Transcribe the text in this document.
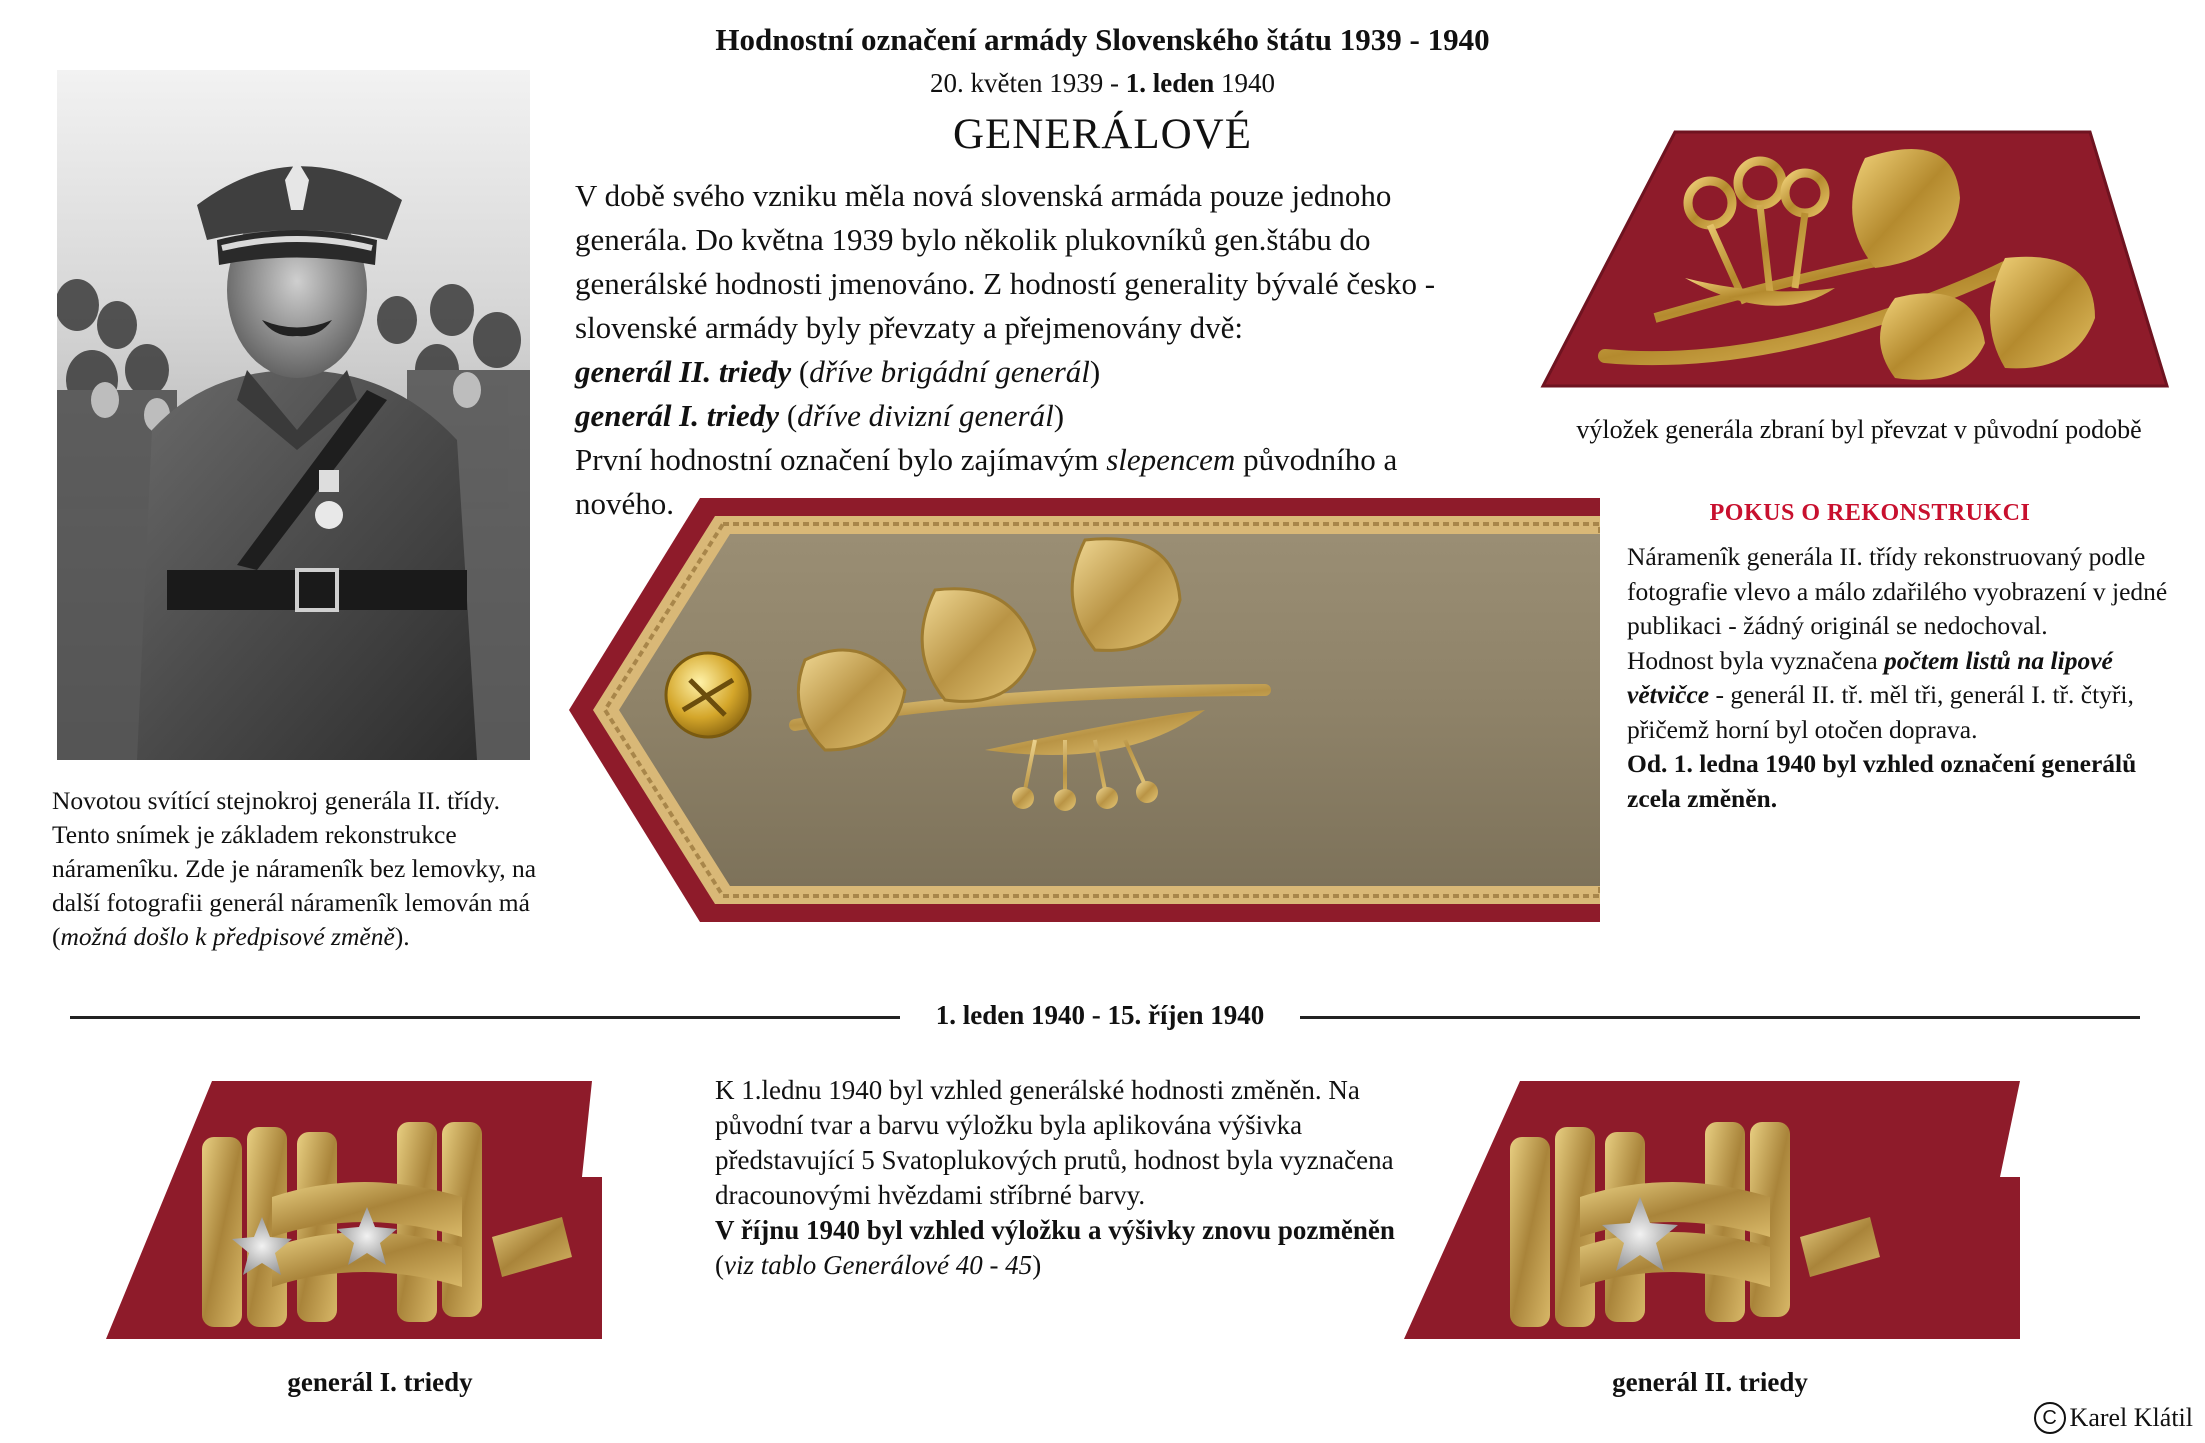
Hodnostní označení armády Slovenského štátu 1939 - 1940
20. květen 1939 - 1. leden 1940
GENERÁLOVÉ
Novotou svítící stejnokroj generála II. třídy. Tento snímek je základem rekonstrukce náramenîku. Zde je náramenîk bez lemovky, na další fotografii generál náramenîk lemován má (možná došlo k předpisové změně).

V době svého vzniku měla nová slovenská armáda pouze jednoho generála. Do května 1939 bylo několik plukovníků gen.štábu do generálské hodnosti jmenováno. Z hodností generality bývalé česko - slovenské armády byly převzaty a přejmenovány dvě:

generál II. triedy (dříve brigádní generál)

generál I. triedy (dříve divizní generál)

První hodnostní označení bylo zajímavým slepencem původního a nového.

výložek generála zbraní byl převzat v původní podobě
POKUS O REKONSTRUKCI
Náramenîk generála II. třídy rekonstruovaný podle fotografie vlevo a málo zdařilého vyobrazení v jedné publikaci - žádný originál se nedochoval.
Hodnost byla vyznačena počtem listů na lipové větvičce - generál II. tř. měl tři, generál I. tř. čtyři, přičemž horní byl otočen doprava.
Od. 1. ledna 1940 byl vzhled označení generálů zcela změněn.
1. leden 1940 - 15. říjen 1940
K 1.lednu 1940 byl vzhled generálské hodnosti změněn. Na původní tvar a barvu výložku byla aplikována výšivka představující 5 Svatoplukových prutů, hodnost byla vyznačena dracounovými hvězdami stříbrné barvy.
V říjnu 1940 byl vzhled výložku a výšivky znovu pozměněn (viz tablo Generálové 40 - 45)
generál I. triedy	generál II. triedy
C Karel Klátil
